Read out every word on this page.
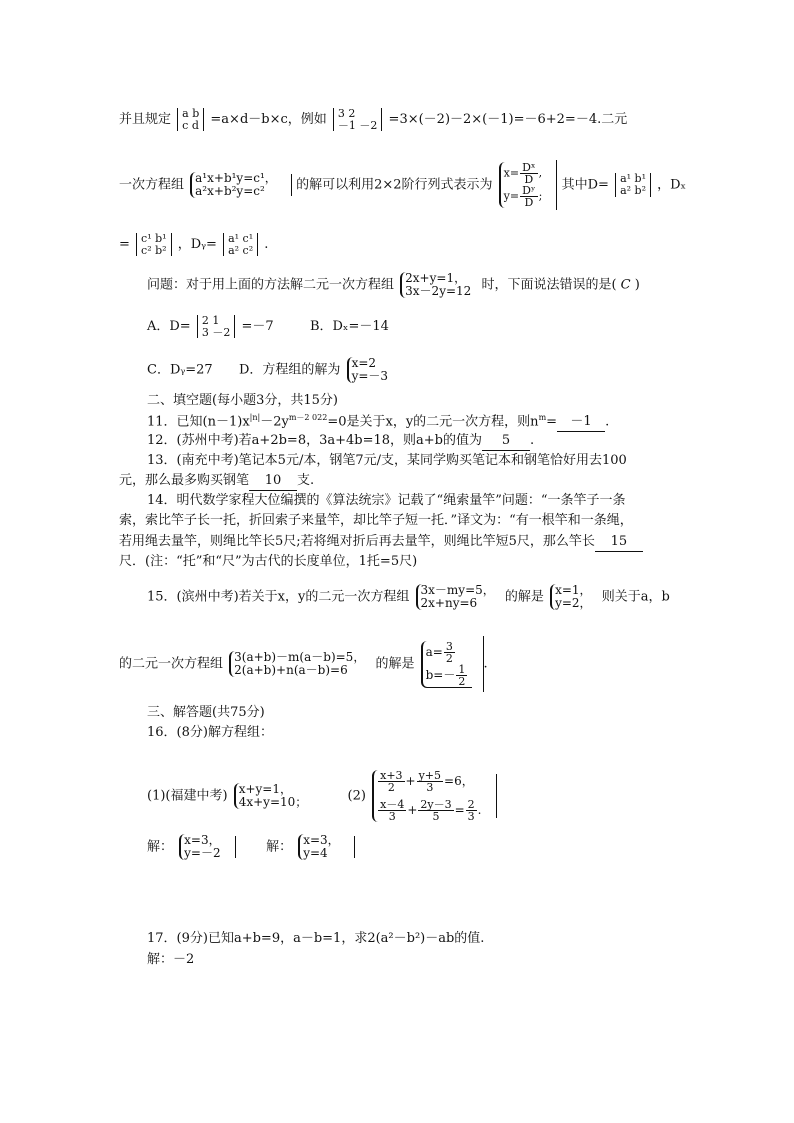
并且规定 a b
c d =a×d－b×c，例如 3 2
－1 －2 =3×(－2)－2×(－1)=－6+2=－4.二元
一次方程组 a¹x+b¹y=c¹，
a²x+b²y=c²	的解可以利用2×2阶行列式表示为
$x= \frac{\text{Dˣ}}{D}$ ,
$y= \frac{\text{Dʸ}}{D}$ ;
其中D= a¹ b¹
a² b² ，Dₓ
= c¹ b¹
c² b² ，Dᵧ= a¹ c¹
a² c² .
问题：对于用上面的方法解二元一次方程组 2x+y=1，
3x－2y=12 时，下面说法错误的是( C )
A．D= 2 1
3 －2 =－7	B．Dₓ=－14
C．Dᵧ=27 D．方程组的解为 x=2
y=－3
二、填空题(每小题3分，共15分)
11．已知$(n-1)x^{|n|}-2y^{m-2 022}=0$是关于x，y的二元一次方程，则$n^m= -1$ .
12．(苏州中考)若a+2b=8，3a+4b=18，则a+b的值为 5 .
13．(南充中考)笔记本5元/本，钢笔7元/支，某同学购买笔记本和钢笔恰好用去100
元，那么最多购买钢笔 10 支.
14．明代数学家程大位编撰的《算法统宗》记载了“绳索量竿”问题：“一条竿子一条
索，索比竿子长一托，折回索子来量竿，却比竿子短一托．”译文为：“有一根竿和一条绳，
若用绳去量竿，则绳比竿长5尺;若将绳对折后再去量竿，则绳比竿短5尺，那么竿长 15
尺．(注：“托”和“尺”为古代的长度单位，1托=5尺)
15．(滨州中考)若关于x，y的二元一次方程组 3x－my=5，
2x+ny=6	的解是 x=1，
y=2， 则关于a，b
的二元一次方程组 3(a+b)－m(a－b)=5，
2(a+b)+n(a－b)=6	的解是
$a= \frac{3}{2}$
$b=- \frac{1}{2}$ .
三、解答题(共75分)
16．(8分)解方程组：
(1)(福建中考) x+y=1，
4x+y=10；	(2)
$\frac{x+3}{2} + \frac{y+5}{3} =6$，
$\frac{x-4}{3} + \frac{2y-3}{5} = \frac{2}{3}$ .

解： x=3，
y=－2	解： x=3，
y=4

17．(9分)已知a+b=9，a－b=1，求2(a²－b²)－ab的值.
解：－2
